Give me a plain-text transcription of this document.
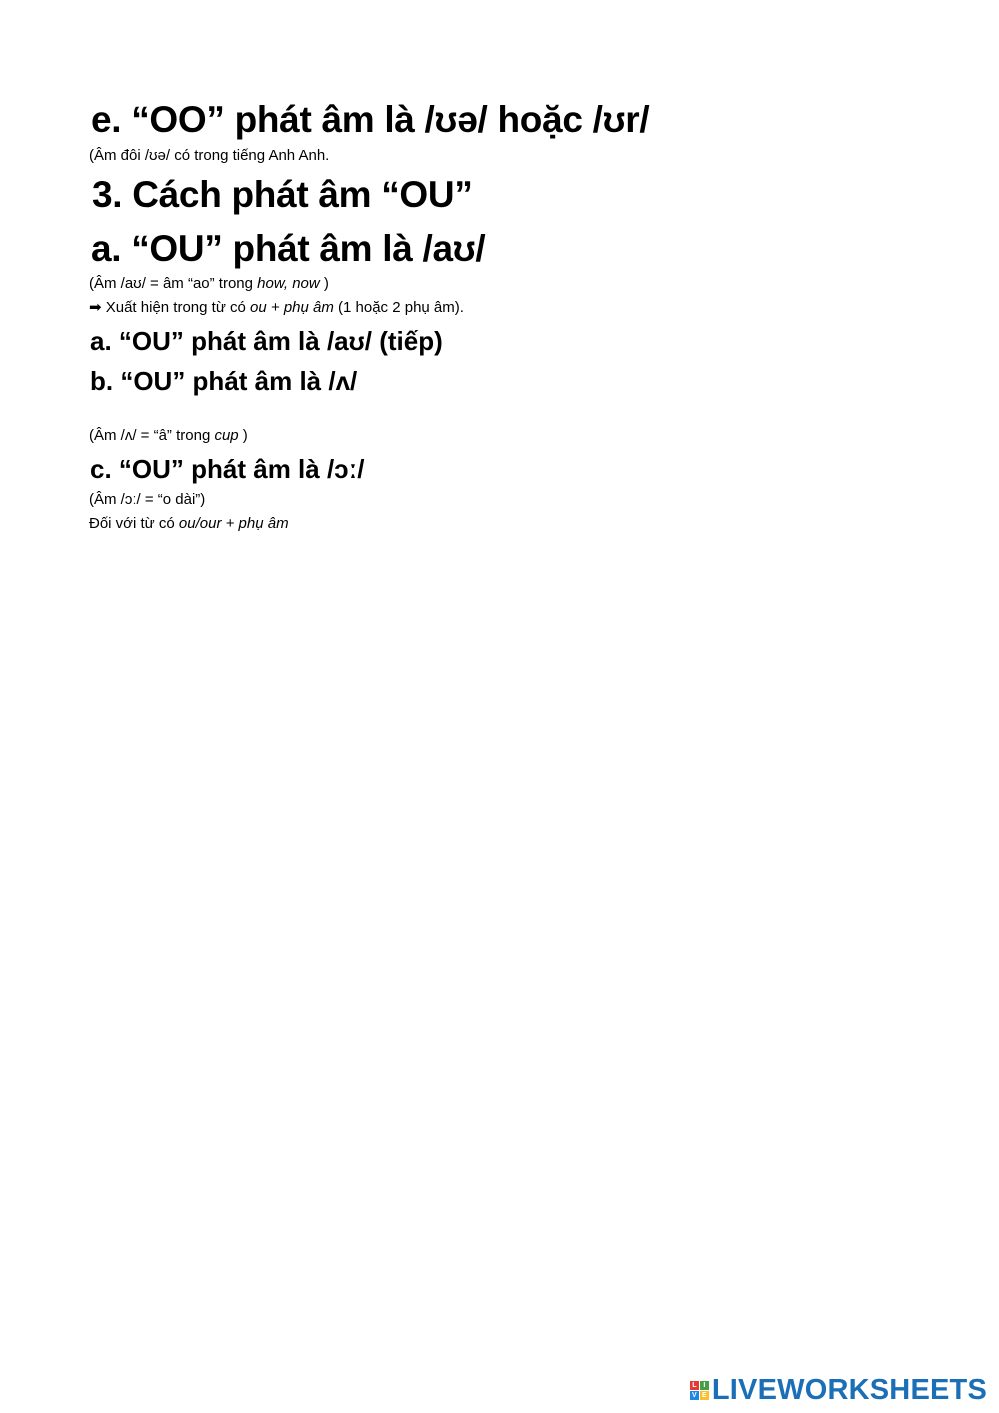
e. “OO” phát âm là /ʊə/ hoặc /ʊr/

(Âm đôi /ʊə/ có trong tiếng Anh Anh.

3. Cách phát âm “OU”
a. “OU” phát âm là /aʊ/

(Âm /aʊ/ = âm “ao” trong how, now )

➡ Xuất hiện trong từ có ou + phụ âm (1 hoặc 2 phụ âm).

a. “OU” phát âm là /aʊ/ (tiếp)
b. “OU” phát âm là /ʌ/

(Âm /ʌ/ = “â” trong cup )

c. “OU” phát âm là /ɔː/

(Âm /ɔː/ = “o dài”)

Đối với từ có ou/our + phụ âm

L I
V E LIVEWORKSHEETS
